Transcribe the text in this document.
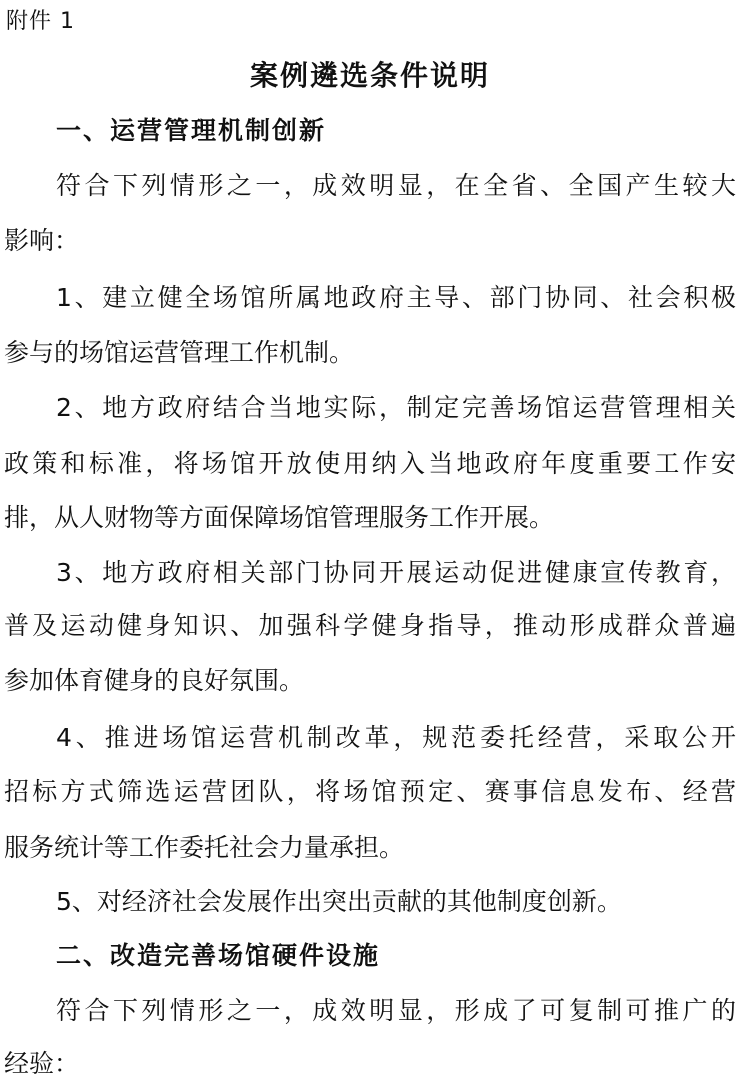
附件 1
案例遴选条件说明
一、运营管理机制创新
符合下列情形之一，成效明显，在全省、全国产生较大
影响：
1、建立健全场馆所属地政府主导、部门协同、社会积极
参与的场馆运营管理工作机制。
2、地方政府结合当地实际，制定完善场馆运营管理相关
政策和标准，将场馆开放使用纳入当地政府年度重要工作安
排，从人财物等方面保障场馆管理服务工作开展。
3、地方政府相关部门协同开展运动促进健康宣传教育，
普及运动健身知识、加强科学健身指导，推动形成群众普遍
参加体育健身的良好氛围。
4、推进场馆运营机制改革，规范委托经营，采取公开
招标方式筛选运营团队，将场馆预定、赛事信息发布、经营
服务统计等工作委托社会力量承担。
5、对经济社会发展作出突出贡献的其他制度创新。
二、改造完善场馆硬件设施
符合下列情形之一，成效明显，形成了可复制可推广的
经验：
